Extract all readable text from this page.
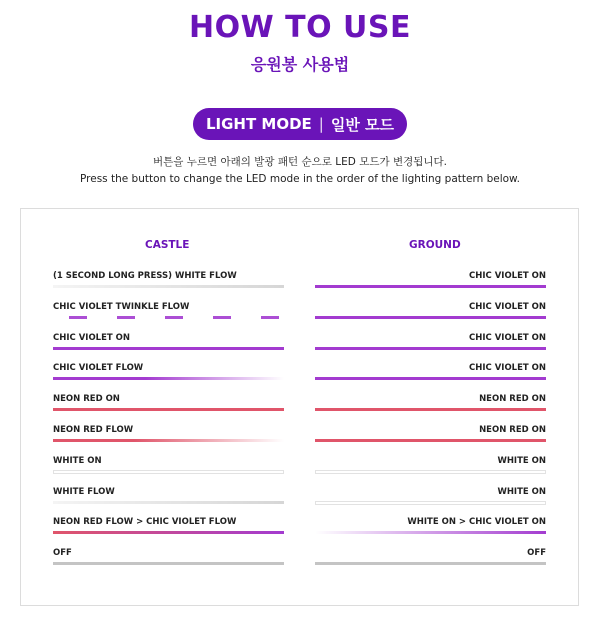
HOW TO USE
응원봉 사용법
LIGHT MODE | 일반 모드
버튼을 누르면 아래의 발광 패턴 순으로 LED 모드가 변경됩니다.
Press the button to change the LED mode in the order of the lighting pattern below.
CASTLE	GROUND
(1 SECOND LONG PRESS) WHITE FLOW
CHIC VIOLET TWINKLE FLOW
CHIC VIOLET ON
CHIC VIOLET FLOW
NEON RED ON
NEON RED FLOW
WHITE ON
WHITE FLOW
NEON RED FLOW > CHIC VIOLET FLOW
OFF
CHIC VIOLET ON
CHIC VIOLET ON
CHIC VIOLET ON
CHIC VIOLET ON
NEON RED ON
NEON RED ON
WHITE ON
WHITE ON
WHITE ON > CHIC VIOLET ON
OFF
